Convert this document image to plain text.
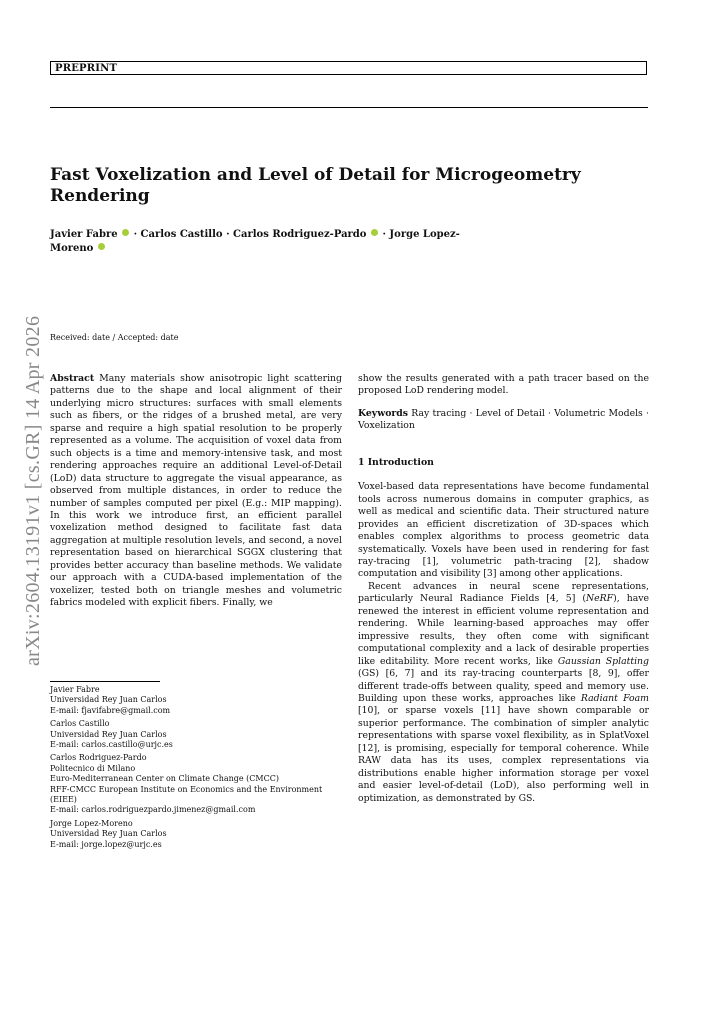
PREPRINT
Fast Voxelization and Level of Detail for Microgeometry Rendering
Javier Fabre · Carlos Castillo · Carlos Rodriguez-Pardo · Jorge Lopez-Moreno
arXiv:2604.13191v1 [cs.GR] 14 Apr 2026 Received: date / Accepted: date

Abstract Many materials show anisotropic light scattering patterns due to the shape and local alignment of their underlying micro structures: surfaces with small elements such as fibers, or the ridges of a brushed metal, are very sparse and require a high spatial resolution to be properly represented as a volume. The acquisition of voxel data from such objects is a time and memory-intensive task, and most rendering approaches require an additional Level-of-Detail (LoD) data structure to aggregate the visual appearance, as observed from multiple distances, in order to reduce the number of samples computed per pixel (E.g.: MIP mapping). In this work we introduce first, an efficient parallel voxelization method designed to facilitate fast data aggregation at multiple resolution levels, and second, a novel representation based on hierarchical SGGX clustering that provides better accuracy than baseline methods. We validate our approach with a CUDA-based implementation of the voxelizer, tested both on triangle meshes and volumetric fabrics modeled with explicit fibers. Finally, we

Javier Fabre
Universidad Rey Juan Carlos
E-mail: fjavifabre@gmail.com
Carlos Castillo
Universidad Rey Juan Carlos
E-mail: carlos.castillo@urjc.es
Carlos Rodriguez-Pardo
Politecnico di Milano
Euro-Mediterranean Center on Climate Change (CMCC)
RFF-CMCC European Institute on Economics and the Environment (EIEE)
E-mail: carlos.rodriguezpardo.jimenez@gmail.com
Jorge Lopez-Moreno
Universidad Rey Juan Carlos
E-mail: jorge.lopez@urjc.es

show the results generated with a path tracer based on the proposed LoD rendering model.

Keywords Ray tracing · Level of Detail · Volumetric Models · Voxelization

1 Introduction

Voxel-based data representations have become fundamental tools across numerous domains in computer graphics, as well as medical and scientific data. Their structured nature provides an efficient discretization of 3D-spaces which enables complex algorithms to process geometric data systematically. Voxels have been used in rendering for fast ray-tracing [1], volumetric path-tracing [2], shadow computation and visibility [3] among other applications.

Recent advances in neural scene representations, particularly Neural Radiance Fields [4, 5] (NeRF), have renewed the interest in efficient volume representation and rendering. While learning-based approaches may offer impressive results, they often come with significant computational complexity and a lack of desirable properties like editability. More recent works, like Gaussian Splatting (GS) [6, 7] and its ray-tracing counterparts [8, 9], offer different trade-offs between quality, speed and memory use. Building upon these works, approaches like Radiant Foam [10], or sparse voxels [11] have shown comparable or superior performance. The combination of simpler analytic representations with sparse voxel flexibility, as in SplatVoxel [12], is promising, especially for temporal coherence. While RAW data has its uses, complex representations via distributions enable higher information storage per voxel and easier level-of-detail (LoD), also performing well in optimization, as demonstrated by GS.
